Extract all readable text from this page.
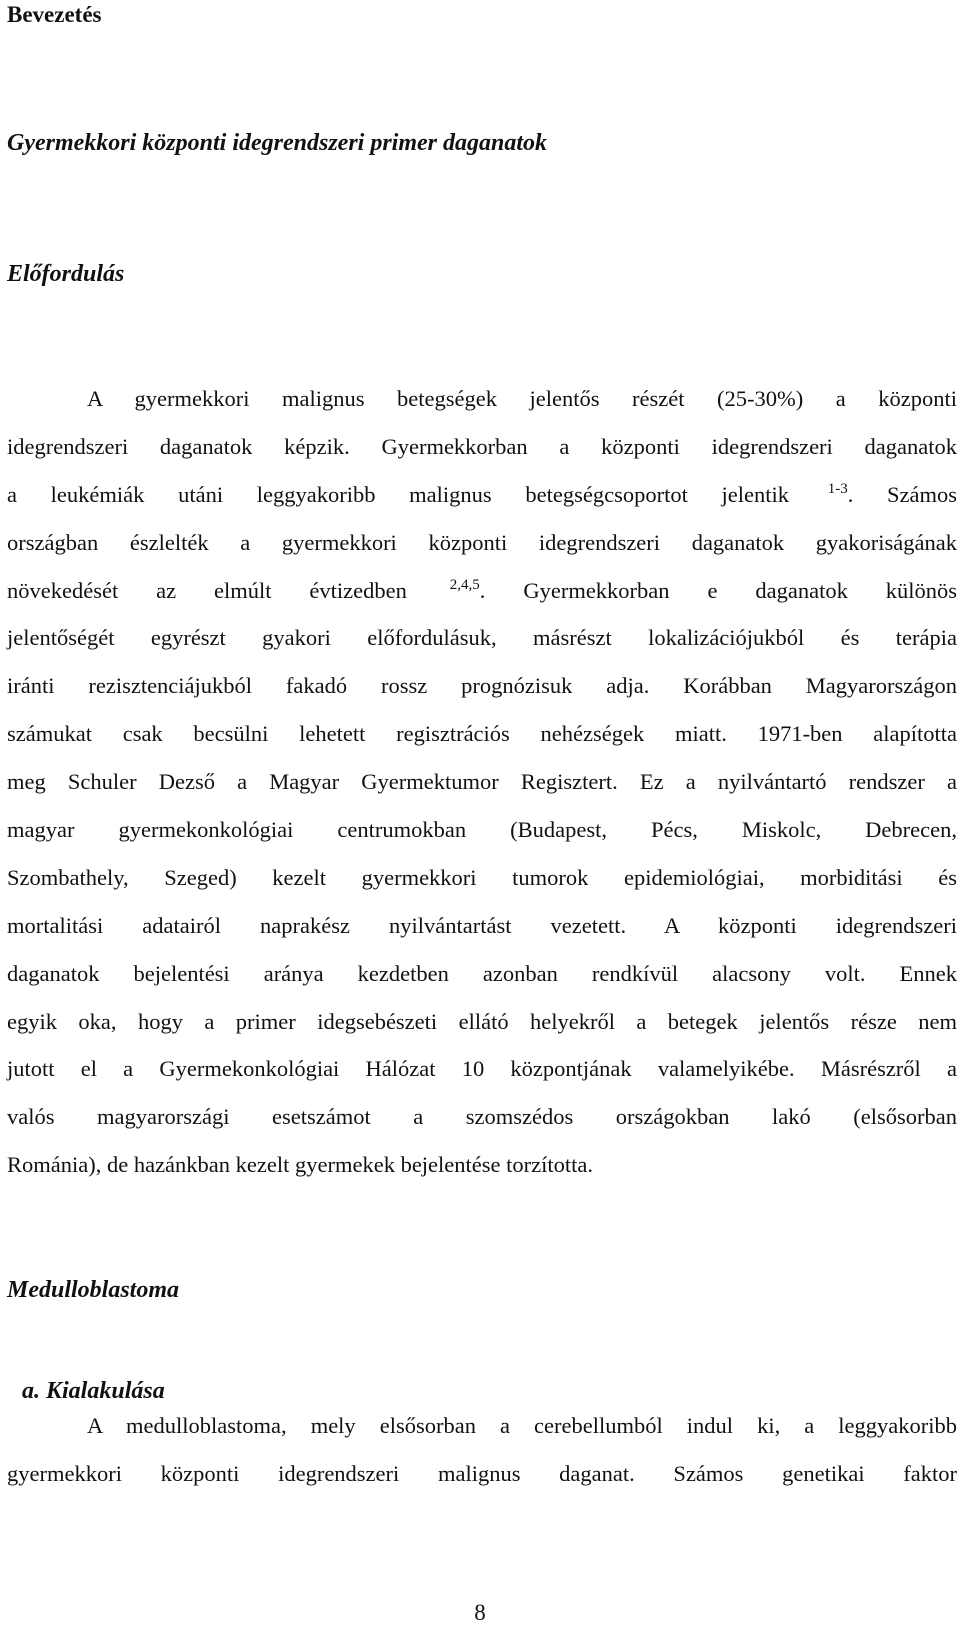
Bevezetés
Gyermekkori központi idegrendszeri primer daganatok
Előfordulás
A gyermekkori malignus betegségek jelentős részét (25-30%) a központi
idegrendszeri daganatok képzik. Gyermekkorban a központi idegrendszeri daganatok
a leukémiák utáni leggyakoribb malignus betegségcsoportot jelentik	$^{1-3}$. Számos
országban észlelték a gyermekkori központi idegrendszeri daganatok gyakoriságának
növekedését az elmúlt évtizedben	$^{2,4,5}$. Gyermekkorban e daganatok különös
jelentőségét egyrészt gyakori előfordulásuk, másrészt lokalizációjukból és terápia
iránti rezisztenciájukból fakadó rossz prognózisuk adja. Korábban Magyarországon
számukat csak becsülni lehetett regisztrációs nehézségek miatt. 1971-ben alapította
meg Schuler Dezső a Magyar Gyermektumor Regisztert. Ez a nyilvántartó rendszer a
magyar gyermekonkológiai centrumokban (Budapest, Pécs, Miskolc, Debrecen,
Szombathely, Szeged) kezelt gyermekkori tumorok epidemiológiai, morbiditási és
mortalitási adatairól naprakész nyilvántartást vezetett. A központi idegrendszeri
daganatok bejelentési aránya kezdetben azonban rendkívül alacsony volt. Ennek
egyik oka, hogy a primer idegsebészeti ellátó helyekről a betegek jelentős része nem
jutott el a Gyermekonkológiai Hálózat 10 központjának valamelyikébe. Másrészről a
valós magyarországi esetszámot a szomszédos országokban lakó (elsősorban
Románia), de hazánkban kezelt gyermekek bejelentése torzította.
Medulloblastoma
a. Kialakulása
A medulloblastoma, mely elsősorban a cerebellumból indul ki, a leggyakoribb
gyermekkori központi idegrendszeri malignus daganat. Számos genetikai faktor
8
